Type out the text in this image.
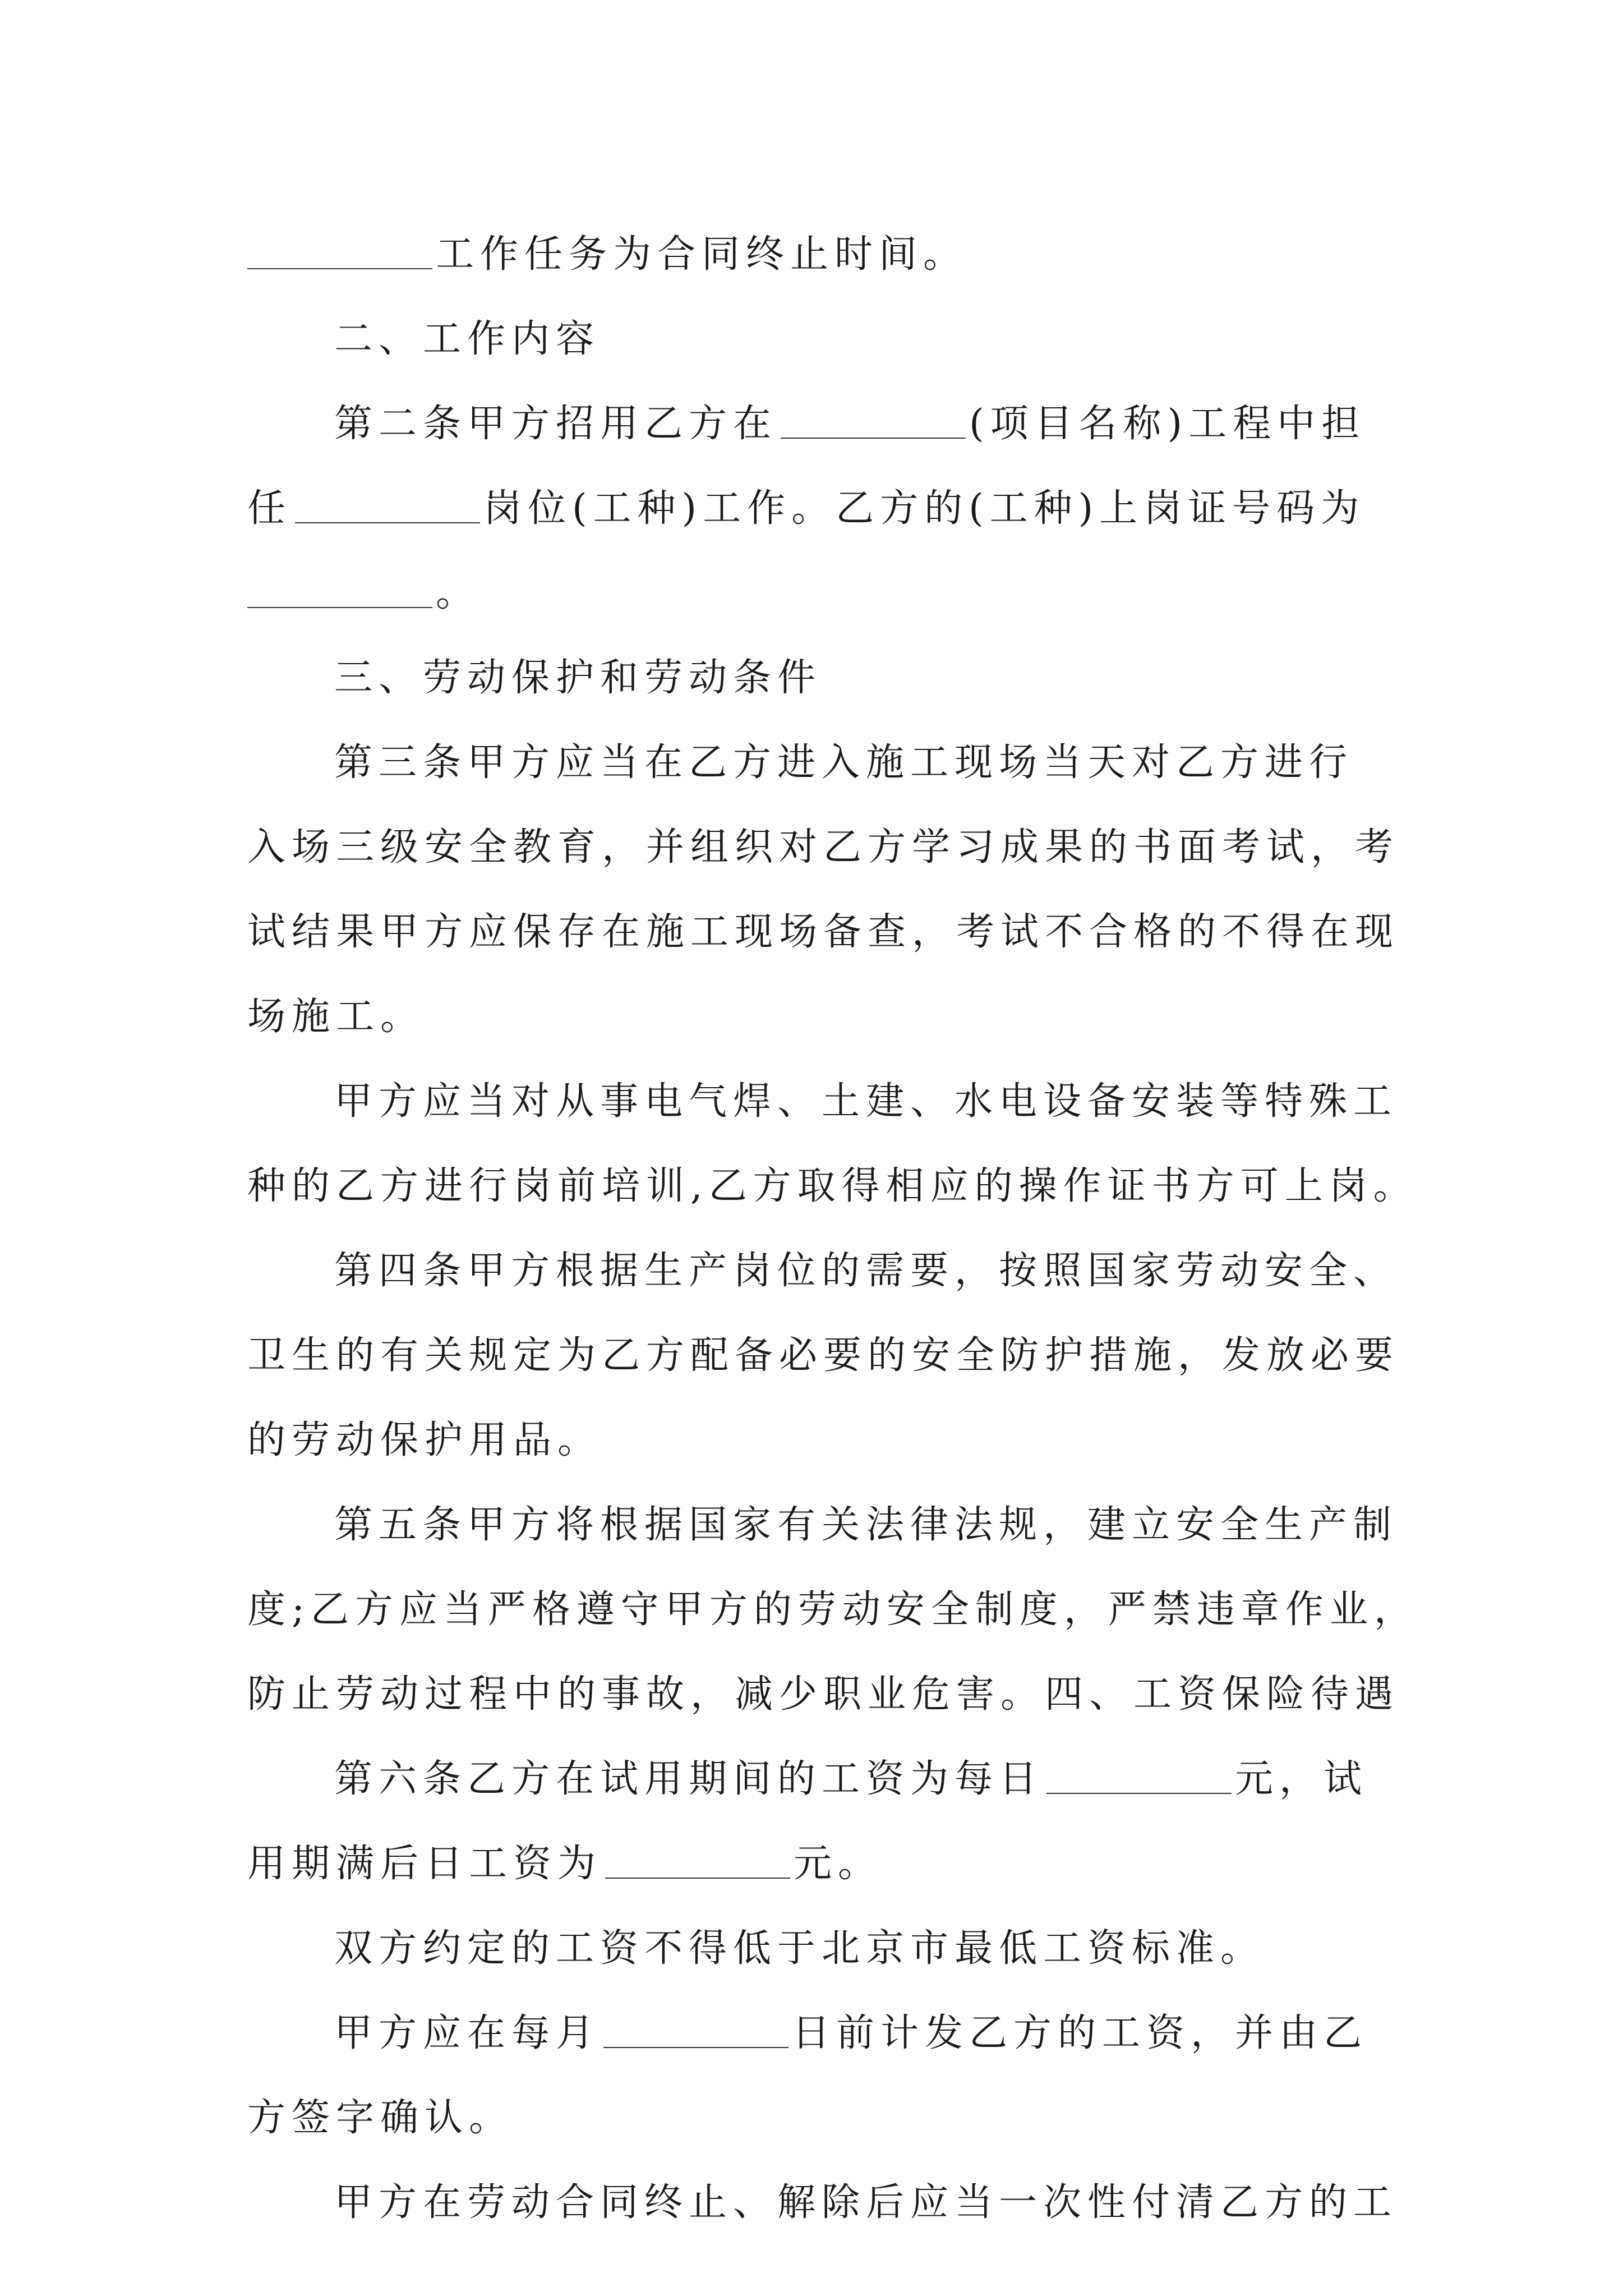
工作任务为合同终止时间。
二、工作内容
第二条甲方招用乙方在	(项目名称)工程中担
任	岗位(工种)工作。乙方的(工种)上岗证号码为
。
三、劳动保护和劳动条件
第三条甲方应当在乙方进入施工现场当天对乙方进行
入场三级安全教育，并组织对乙方学习成果的书面考试，考
试结果甲方应保存在施工现场备查，考试不合格的不得在现
场施工。
甲方应当对从事电气焊、土建、水电设备安装等特殊工
种的乙方进行岗前培训,乙方取得相应的操作证书方可上岗。
第四条甲方根据生产岗位的需要，按照国家劳动安全、
卫生的有关规定为乙方配备必要的安全防护措施，发放必要
的劳动保护用品。
第五条甲方将根据国家有关法律法规，建立安全生产制
度;乙方应当严格遵守甲方的劳动安全制度，严禁违章作业，
防止劳动过程中的事故，减少职业危害。四、工资保险待遇
第六条乙方在试用期间的工资为每日	元，试
用期满后日工资为	元。
双方约定的工资不得低于北京市最低工资标准。
甲方应在每月	日前计发乙方的工资，并由乙
方签字确认。
甲方在劳动合同终止、解除后应当一次性付清乙方的工
